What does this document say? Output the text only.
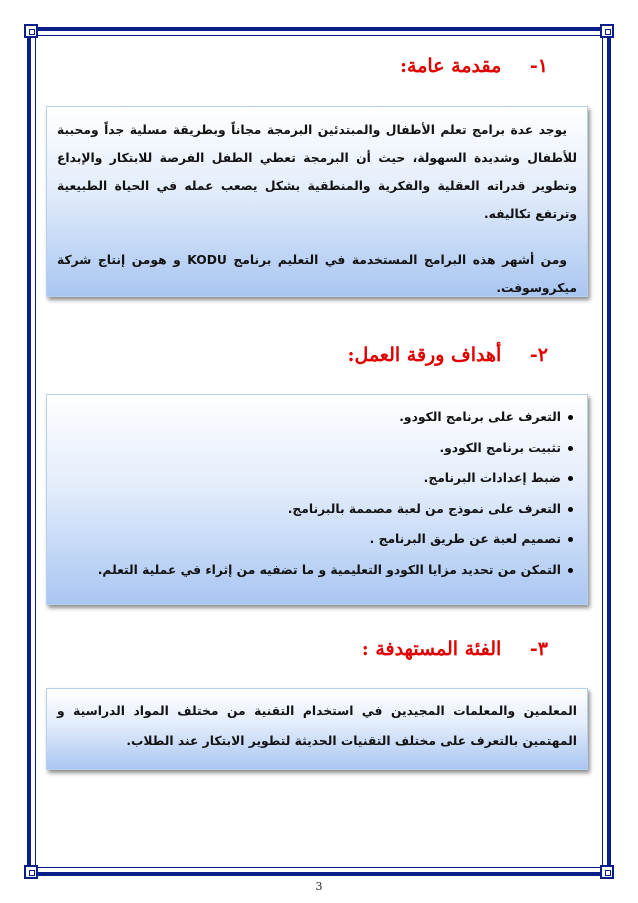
١- مقدمة عامة:

يوجد عدة برامج تعلم الأطفال والمبتدئين البرمجة مجاناً وبطريقة مسلية جداً ومحببة للأطفال وشديدة السهولة، حيث أن البرمجة تعطي الطفل الفرصة للابتكار والإبداع وتطوير قدراته العقلية والفكرية والمنطقية بشكل يصعب عمله في الحياة الطبيعية وترتفع تكاليفه.

ومن أشهر هذه البرامج المستخدمة في التعليم برنامج KODU و هومن إنتاج شركة ميكروسوفت.

٢- أهداف ورقة العمل:
التعرف على برنامج الكودو.
تثبيت برنامج الكودو.
ضبط إعدادات البرنامج.
التعرف على نموذج من لعبة مصممة بالبرنامج.
تصميم لعبة عن طريق البرنامج .
التمكن من تحديد مزايا الكودو التعليمية و ما تضفيه من إثراء في عملية التعلم.
٣- الفئة المستهدفة :

المعلمين والمعلمات المجيدين في استخدام التقنية من مختلف المواد الدراسية و المهتمين بالتعرف على مختلف التقنيات الحديثة لتطوير الابتكار عند الطلاب.

3
